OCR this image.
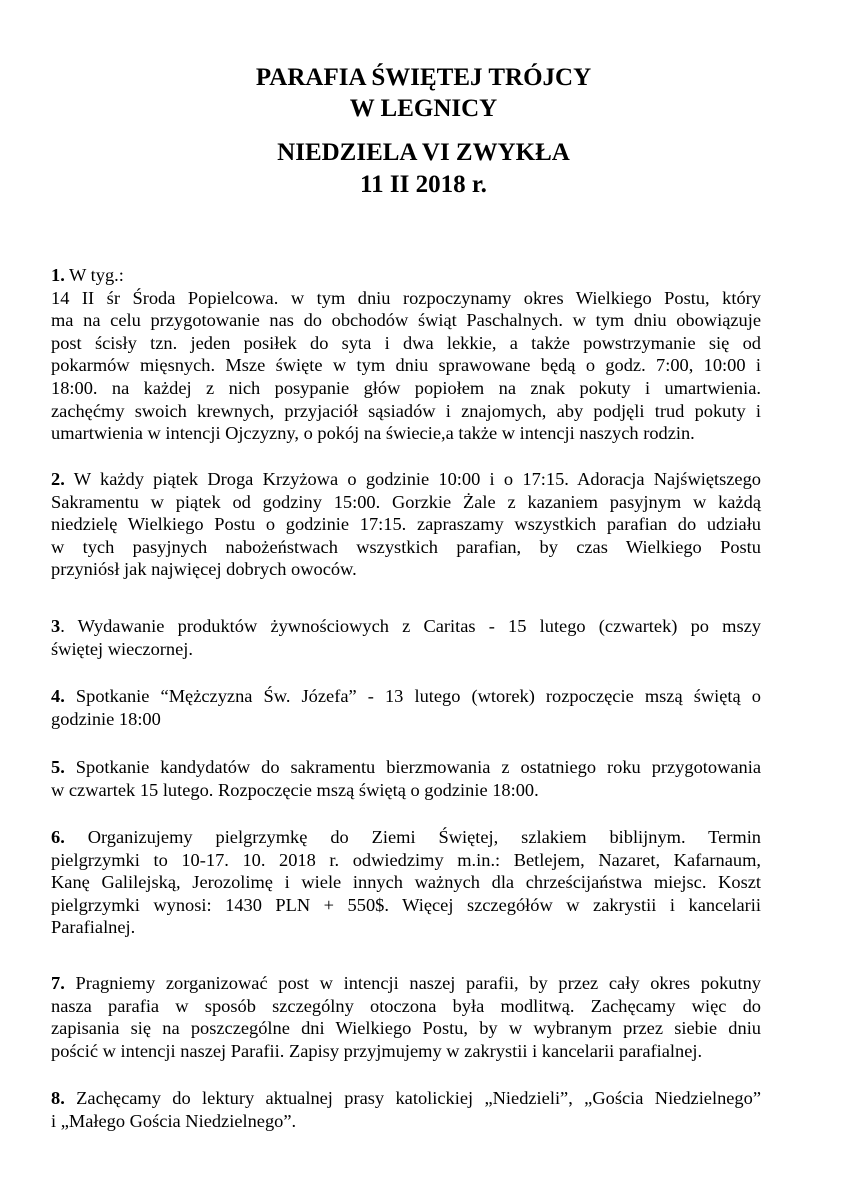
PARAFIA ŚWIĘTEJ TRÓJCY
W LEGNICY
NIEDZIELA VI ZWYKŁA
11 II 2018 r.
1. W tyg.:
14 II śr Środa Popielcowa. w tym dniu rozpoczynamy okres Wielkiego Postu, który
ma na celu przygotowanie nas do obchodów świąt Paschalnych. w tym dniu obowiązuje
post ścisły tzn. jeden posiłek do syta i dwa lekkie, a także powstrzymanie się od
pokarmów mięsnych. Msze święte w tym dniu sprawowane będą o godz. 7:00, 10:00 i
18:00. na każdej z nich posypanie głów popiołem na znak pokuty i umartwienia.
zachęćmy swoich krewnych, przyjaciół sąsiadów i znajomych, aby podjęli trud pokuty i
umartwienia w intencji Ojczyzny, o pokój na świecie,a także w intencji naszych rodzin.
2. W każdy piątek Droga Krzyżowa o godzinie 10:00 i o 17:15. Adoracja Najświętszego
Sakramentu w piątek od godziny 15:00. Gorzkie Żale z kazaniem pasyjnym w każdą
niedzielę Wielkiego Postu o godzinie 17:15. zapraszamy wszystkich parafian do udziału
w tych pasyjnych nabożeństwach wszystkich parafian, by czas Wielkiego Postu
przyniósł jak najwięcej dobrych owoców.
3. Wydawanie produktów żywnościowych z Caritas - 15 lutego (czwartek) po mszy
świętej wieczornej.
4. Spotkanie “Mężczyzna Św. Józefa” - 13 lutego (wtorek) rozpoczęcie mszą świętą o
godzinie 18:00
5. Spotkanie kandydatów do sakramentu bierzmowania z ostatniego roku przygotowania
w czwartek 15 lutego. Rozpoczęcie mszą świętą o godzinie 18:00.
6. Organizujemy pielgrzymkę do Ziemi Świętej, szlakiem biblijnym. Termin
pielgrzymki to 10-17. 10. 2018 r. odwiedzimy m.in.: Betlejem, Nazaret, Kafarnaum,
Kanę Galilejską, Jerozolimę i wiele innych ważnych dla chrześcijaństwa miejsc. Koszt
pielgrzymki wynosi: 1430 PLN + 550$. Więcej szczegółów w zakrystii i kancelarii
Parafialnej.
7. Pragniemy zorganizować post w intencji naszej parafii, by przez cały okres pokutny
nasza parafia w sposób szczególny otoczona była modlitwą. Zachęcamy więc do
zapisania się na poszczególne dni Wielkiego Postu, by w wybranym przez siebie dniu
pościć w intencji naszej Parafii. Zapisy przyjmujemy w zakrystii i kancelarii parafialnej.
8. Zachęcamy do lektury aktualnej prasy katolickiej „Niedzieli”, „Gościa Niedzielnego”
i „Małego Gościa Niedzielnego”.
